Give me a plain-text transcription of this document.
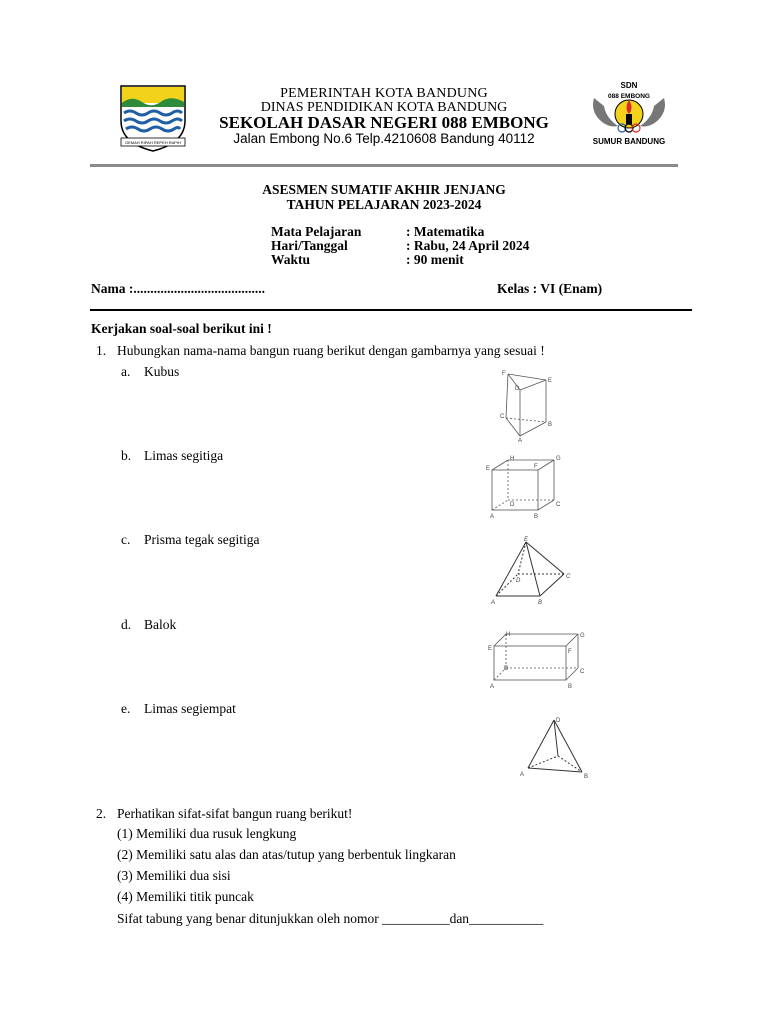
GEMAH RIPAH REPEH RAPIH
PEMERINTAH KOTA BANDUNG
DINAS PENDIDIKAN KOTA BANDUNG
SEKOLAH DASAR NEGERI 088 EMBONG
Jalan Embong No.6 Telp.4210608 Bandung 40112
SDN
088 EMBONG
SUMUR BANDUNG
ASESMEN SUMATIF AKHIR JENJANG
TAHUN PELAJARAN 2023-2024
Mata Pelajaran	: Matematika
Hari/Tanggal	: Rabu, 24 April 2024
Waktu	: 90 menit
Nama :.......................................	Kelas : VI (Enam)
Kerjakan soal-soal berikut ini !
1. Hubungkan nama-nama bangun ruang berikut dengan gambarnya yang sesuai !
a. Kubus
b. Limas segitiga
c. Prisma tegak segitiga
d. Balok
e. Limas segiempat
F
D
E
C
B
A
H	G
E	F
D	C
A	B
E
D
C
A	B
H	G
E	F
D	C
A	B
D
A	B
2. Perhatikan sifat-sifat bangun ruang berikut!
(1) Memiliki dua rusuk lengkung
(2) Memiliki satu alas dan atas/tutup yang berbentuk lingkaran
(3) Memiliki dua sisi
(4) Memiliki titik puncak
Sifat tabung yang benar ditunjukkan oleh nomor __________dan___________
